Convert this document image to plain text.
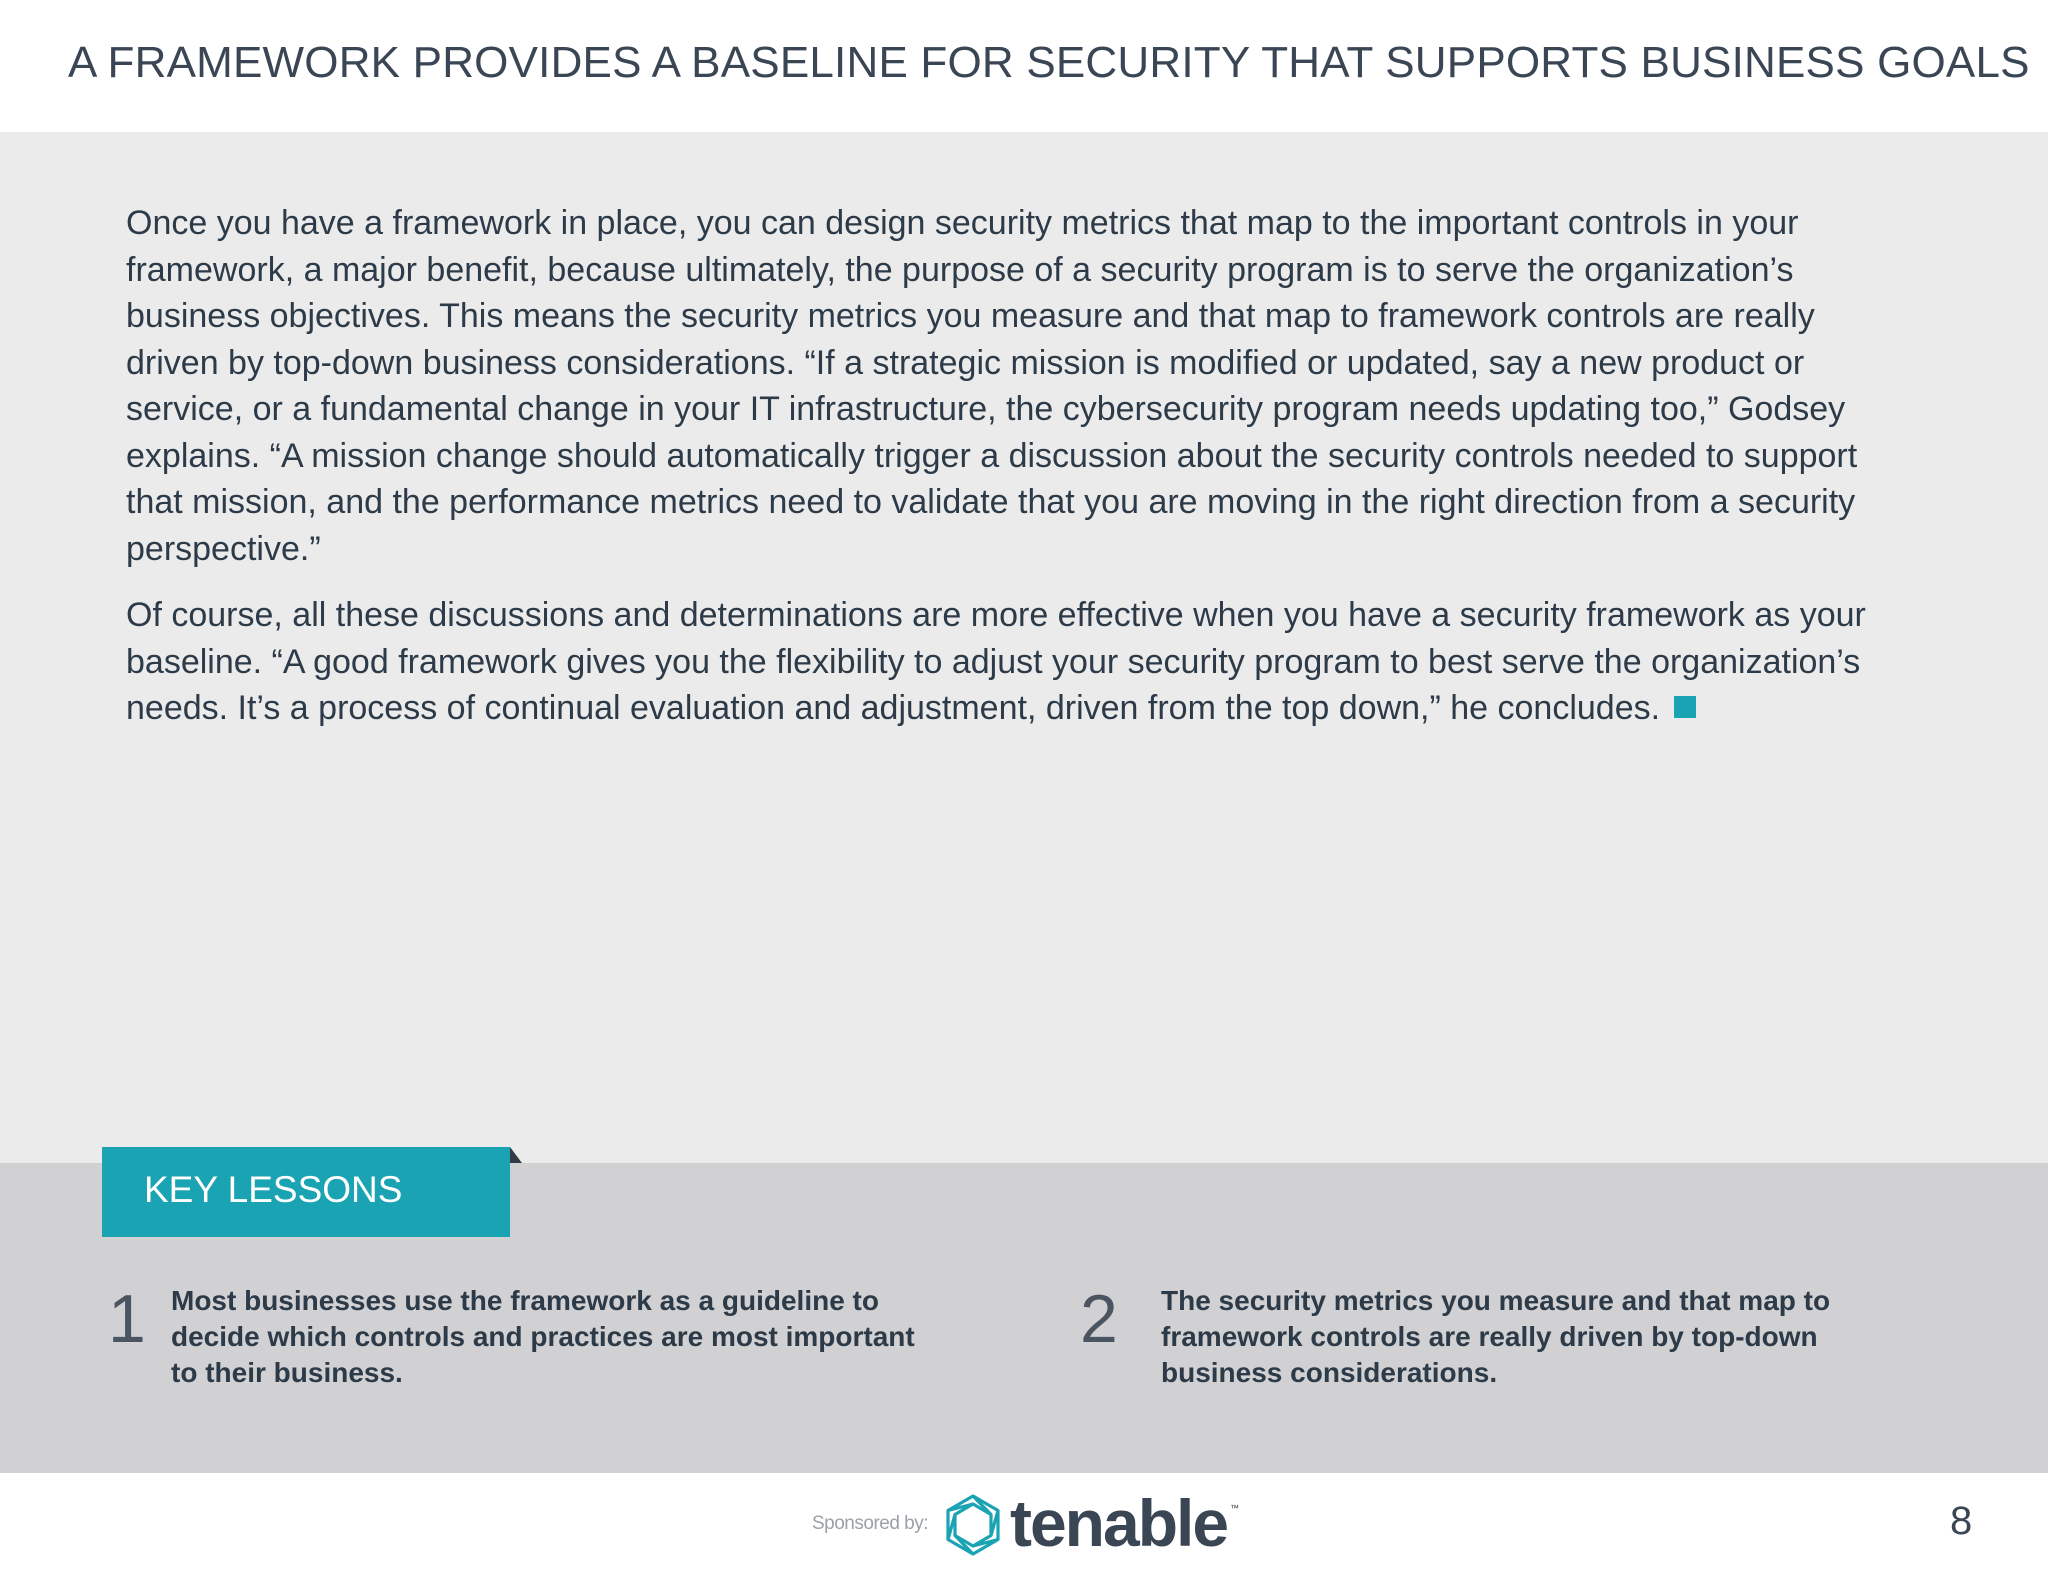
A FRAMEWORK PROVIDES A BASELINE FOR SECURITY THAT SUPPORTS BUSINESS GOALS

Once you have a framework in place, you can design security metrics that map to the important controls in your framework, a major benefit, because ultimately, the purpose of a security program is to serve the organization’s business objectives. This means the security metrics you measure and that map to framework controls are really driven by top-down business considerations. “If a strategic mission is modified or updated, say a new product or service, or a fundamental change in your IT infrastructure, the cybersecurity program needs updating too,” Godsey explains. “A mission change should automatically trigger a discussion about the security controls needed to support that mission, and the performance metrics need to validate that you are moving in the right direction from a security perspective.”

Of course, all these discussions and determinations are more effective when you have a security framework as your baseline. “A good framework gives you the flexibility to adjust your security program to best serve the organization’s needs. It’s a process of continual evaluation and adjustment, driven from the top down,” he concludes.

KEY LESSONS
1 Most businesses use the framework as a guideline to decide which controls and practices are most important to their business.
2 The security metrics you measure and that map to framework controls are really driven by top-down business considerations.
Sponsored by: tenable ™	8
